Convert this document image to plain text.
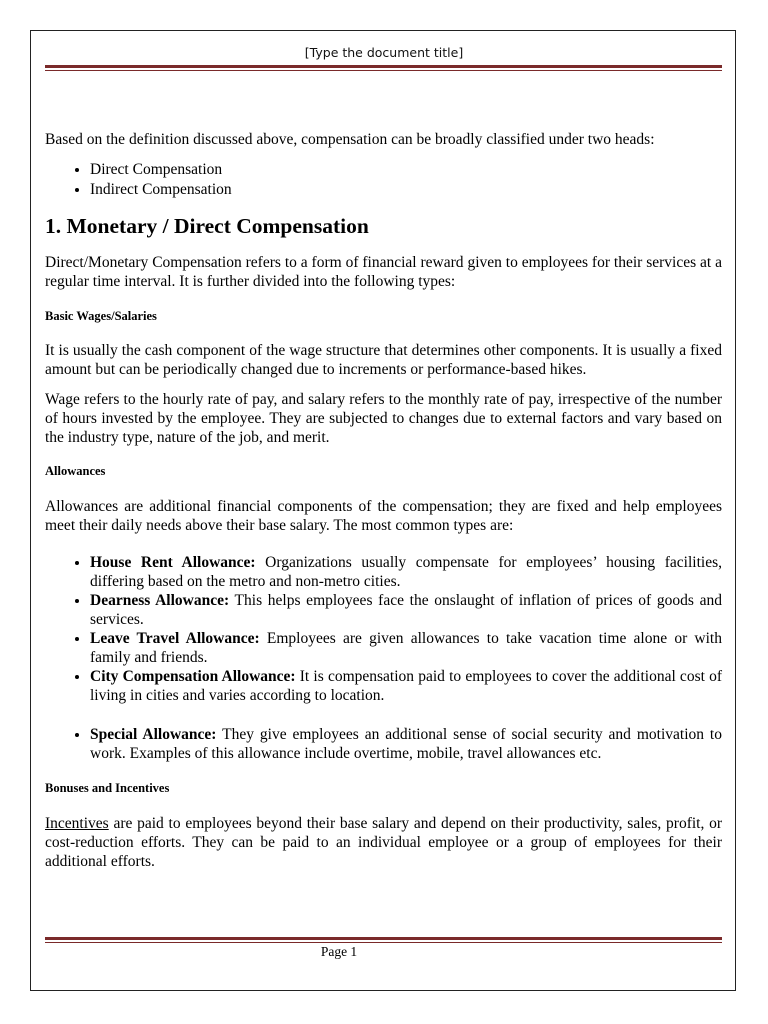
[Type the document title]

Based on the definition discussed above, compensation can be broadly classified under two heads:

• Direct Compensation
• Indirect Compensation
1. Monetary / Direct Compensation

Direct/Monetary Compensation refers to a form of financial reward given to employees for their services at a regular time interval. It is further divided into the following types:

Basic Wages/Salaries

It is usually the cash component of the wage structure that determines other components. It is usually a fixed amount but can be periodically changed due to increments or performance-based hikes.

Wage refers to the hourly rate of pay, and salary refers to the monthly rate of pay, irrespective of the number of hours invested by the employee. They are subjected to changes due to external factors and vary based on the industry type, nature of the job, and merit.

Allowances

Allowances are additional financial components of the compensation; they are fixed and help employees meet their daily needs above their base salary. The most common types are:

• House Rent Allowance: Organizations usually compensate for employees’ housing facilities, differing based on the metro and non-metro cities.
• Dearness Allowance: This helps employees face the onslaught of inflation of prices of goods and services.
• Leave Travel Allowance: Employees are given allowances to take vacation time alone or with family and friends.
• City Compensation Allowance: It is compensation paid to employees to cover the additional cost of living in cities and varies according to location.
• Special Allowance: They give employees an additional sense of social security and motivation to work. Examples of this allowance include overtime, mobile, travel allowances etc.
Bonuses and Incentives

Incentives are paid to employees beyond their base salary and depend on their productivity, sales, profit, or cost-reduction efforts. They can be paid to an individual employee or a group of employees for their additional efforts.

Page 1
